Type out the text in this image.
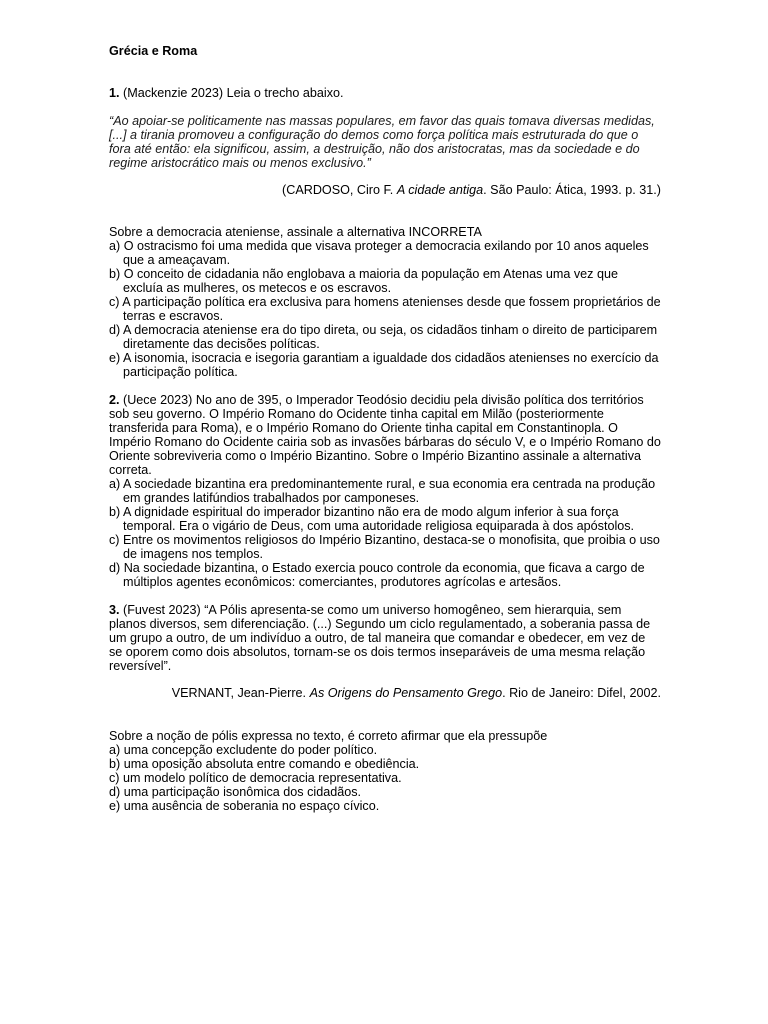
Grécia e Roma

1. (Mackenzie 2023) Leia o trecho abaixo.

“Ao apoiar-se politicamente nas massas populares, em favor das quais tomava diversas medidas, [...] a tirania promoveu a configuração do demos como força política mais estruturada do que o fora até então: ela significou, assim, a destruição, não dos aristocratas, mas da sociedade e do regime aristocrático mais ou menos exclusivo.”

(CARDOSO, Ciro F. A cidade antiga. São Paulo: Ática, 1993. p. 31.)

Sobre a democracia ateniense, assinale a alternativa INCORRETA

a) O ostracismo foi uma medida que visava proteger a democracia exilando por 10 anos aqueles que a ameaçavam.

b) O conceito de cidadania não englobava a maioria da população em Atenas uma vez que excluía as mulheres, os metecos e os escravos.

c) A participação política era exclusiva para homens atenienses desde que fossem proprietários de terras e escravos.

d) A democracia ateniense era do tipo direta, ou seja, os cidadãos tinham o direito de participarem diretamente das decisões políticas.

e) A isonomia, isocracia e isegoria garantiam a igualdade dos cidadãos atenienses no exercício da participação política.

2. (Uece 2023) No ano de 395, o Imperador Teodósio decidiu pela divisão política dos territórios sob seu governo. O Império Romano do Ocidente tinha capital em Milão (posteriormente transferida para Roma), e o Império Romano do Oriente tinha capital em Constantinopla. O Império Romano do Ocidente cairia sob as invasões bárbaras do século V, e o Império Romano do Oriente sobreviveria como o Império Bizantino. Sobre o Império Bizantino assinale a alternativa correta.

a) A sociedade bizantina era predominantemente rural, e sua economia era centrada na produção em grandes latifúndios trabalhados por camponeses.

b) A dignidade espiritual do imperador bizantino não era de modo algum inferior à sua força temporal. Era o vigário de Deus, com uma autoridade religiosa equiparada à dos apóstolos.

c) Entre os movimentos religiosos do Império Bizantino, destaca-se o monofisita, que proibia o uso de imagens nos templos.

d) Na sociedade bizantina, o Estado exercia pouco controle da economia, que ficava a cargo de múltiplos agentes econômicos: comerciantes, produtores agrícolas e artesãos.

3. (Fuvest 2023) “A Pólis apresenta-se como um universo homogêneo, sem hierarquia, sem planos diversos, sem diferenciação. (...) Segundo um ciclo regulamentado, a soberania passa de um grupo a outro, de um indivíduo a outro, de tal maneira que comandar e obedecer, em vez de se oporem como dois absolutos, tornam-se os dois termos inseparáveis de uma mesma relação reversível”.

VERNANT, Jean-Pierre. As Origens do Pensamento Grego. Rio de Janeiro: Difel, 2002.

Sobre a noção de pólis expressa no texto, é correto afirmar que ela pressupõe

a) uma concepção excludente do poder político.

b) uma oposição absoluta entre comando e obediência.

c) um modelo político de democracia representativa.

d) uma participação isonômica dos cidadãos.

e) uma ausência de soberania no espaço cívico.
